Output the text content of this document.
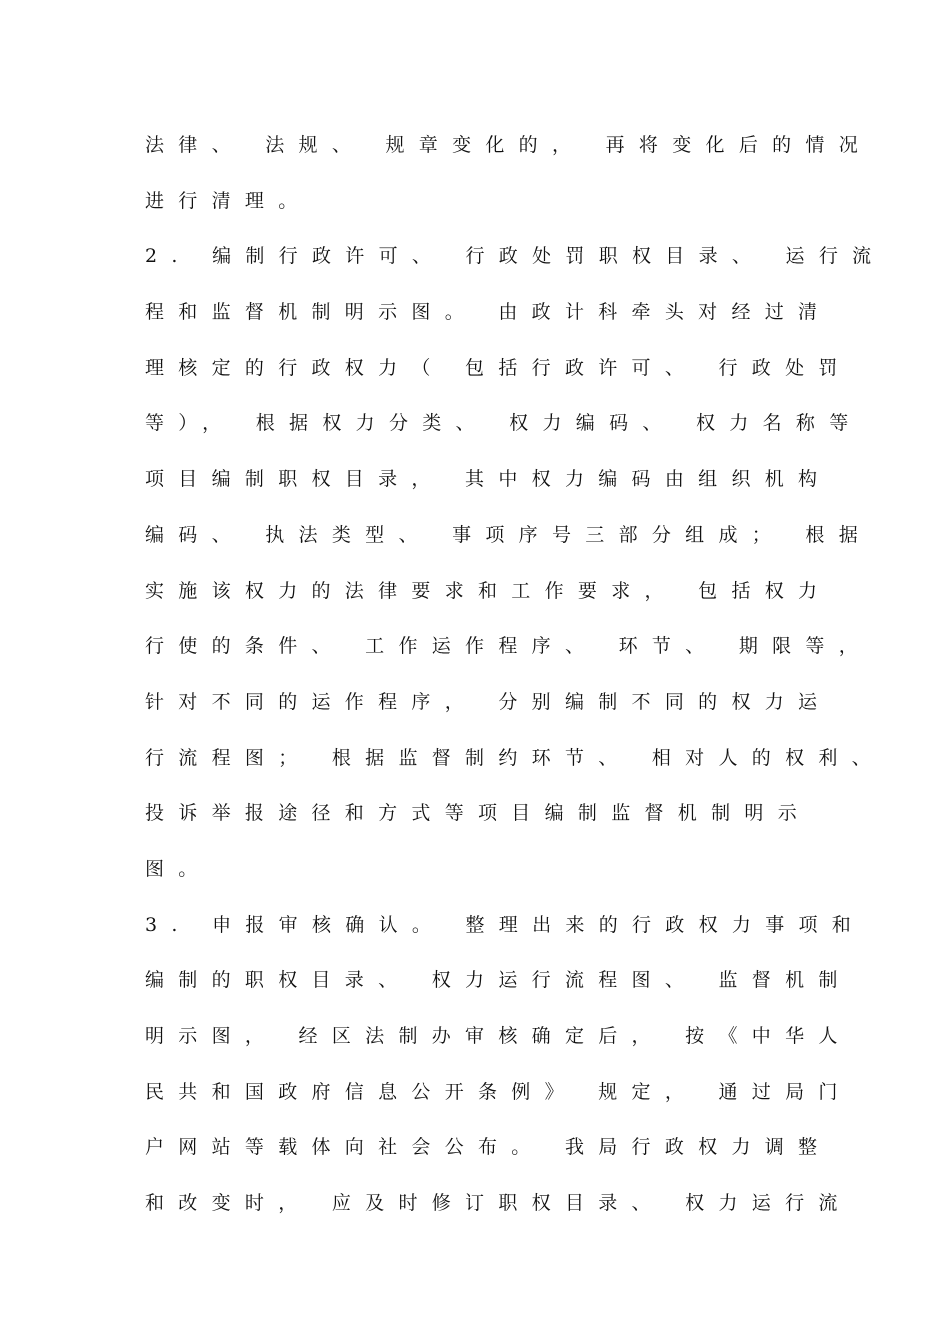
法律、 法规、 规章变化的， 再将变化后的情况
进行清理。
2. 编制行政许可、 行政处罚职权目录、 运行流
程和监督机制明示图。 由政计科牵头对经过清
理核定的行政权力（ 包括行政许可、 行政处罚
等）， 根据权力分类、 权力编码、 权力名称等
项目编制职权目录， 其中权力编码由组织机构
编码、 执法类型、 事项序号三部分组成； 根据
实施该权力的法律要求和工作要求， 包括权力
行使的条件、 工作运作程序、 环节、 期限等，
针对不同的运作程序， 分别编制不同的权力运
行流程图； 根据监督制约环节、 相对人的权利、
投诉举报途径和方式等项目编制监督机制明示
图。
3. 申报审核确认。 整理出来的行政权力事项和
编制的职权目录、 权力运行流程图、 监督机制
明示图， 经区法制办审核确定后， 按《中华人
民共和国政府信息公开条例》 规定， 通过局门
户网站等载体向社会公布。 我局行政权力调整
和改变时， 应及时修订职权目录、 权力运行流
